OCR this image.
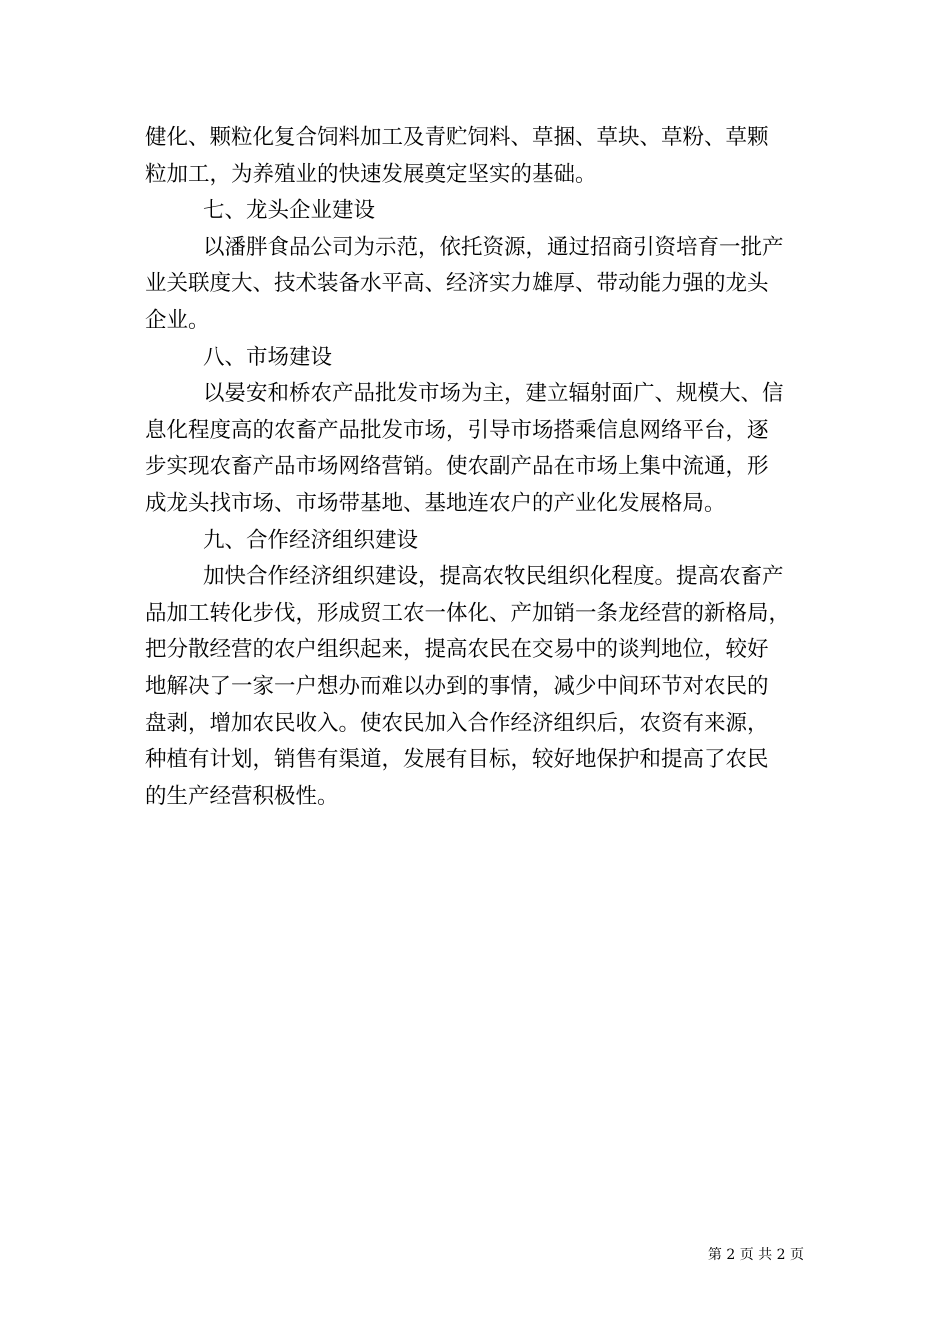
健化、颗粒化复合饲料加工及青贮饲料、草捆、草块、草粉、草颗
粒加工，为养殖业的快速发展奠定坚实的基础。
七、龙头企业建设
以潘胖食品公司为示范，依托资源，通过招商引资培育一批产
业关联度大、技术装备水平高、经济实力雄厚、带动能力强的龙头
企业。
八、市场建设
以晏安和桥农产品批发市场为主，建立辐射面广、规模大、信
息化程度高的农畜产品批发市场，引导市场搭乘信息网络平台，逐
步实现农畜产品市场网络营销。使农副产品在市场上集中流通，形
成龙头找市场、市场带基地、基地连农户的产业化发展格局。
九、合作经济组织建设
加快合作经济组织建设，提高农牧民组织化程度。提高农畜产
品加工转化步伐，形成贸工农一体化、产加销一条龙经营的新格局，
把分散经营的农户组织起来，提高农民在交易中的谈判地位，较好
地解决了一家一户想办而难以办到的事情，减少中间环节对农民的
盘剥，增加农民收入。使农民加入合作经济组织后，农资有来源，
种植有计划，销售有渠道，发展有目标，较好地保护和提高了农民
的生产经营积极性。
第 2 页 共 2 页
